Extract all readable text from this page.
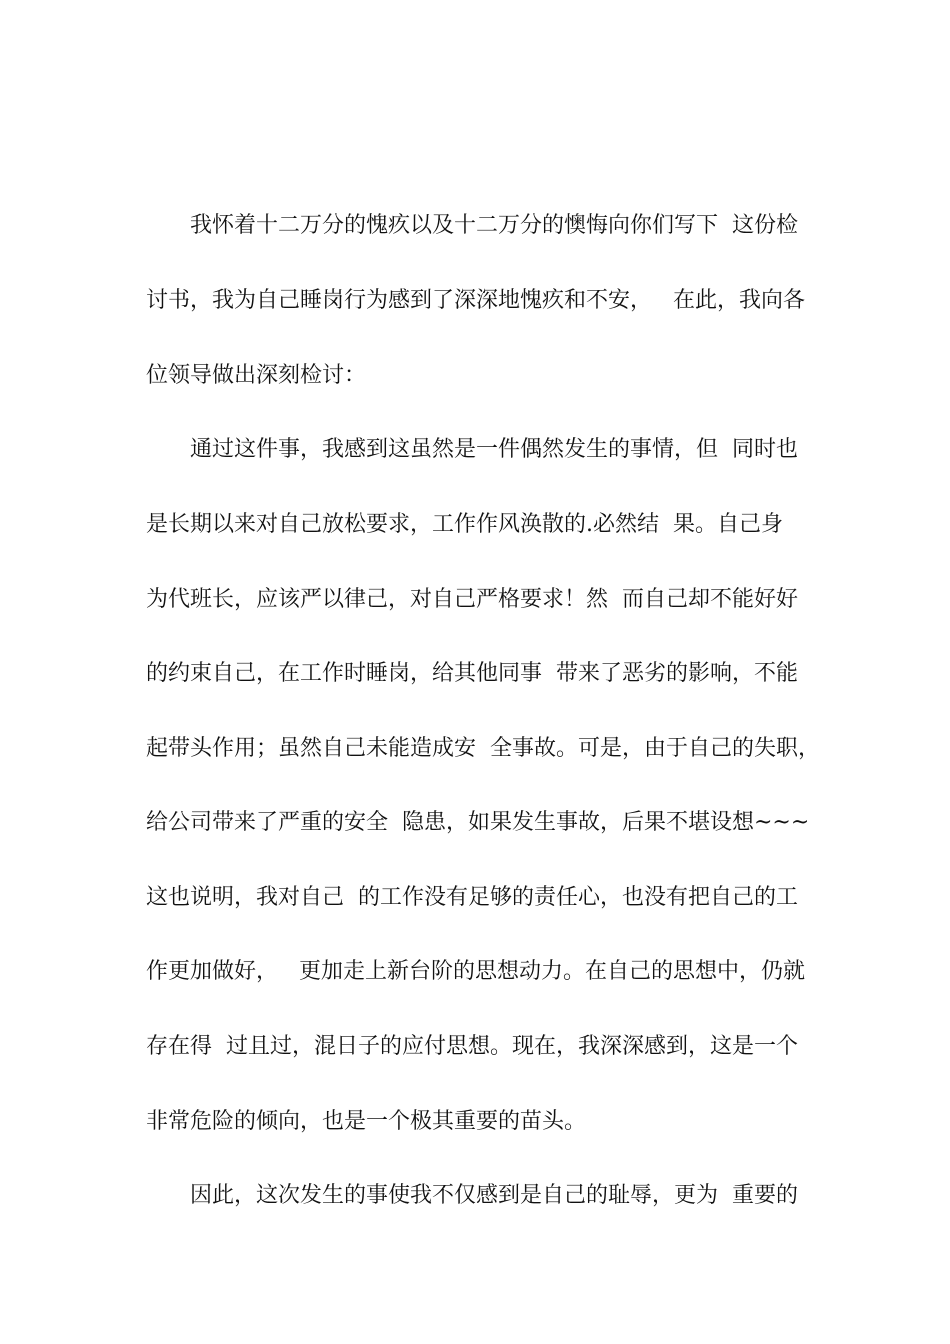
　　我怀着十二万分的愧疚以及十二万分的懊悔向你们写下  这份检

讨书，我为自己睡岗行为感到了深深地愧疚和不安，   在此，我向各

位领导做出深刻检讨：

　　通过这件事，我感到这虽然是一件偶然发生的事情，但  同时也

是长期以来对自己放松要求，工作作风涣散的.必然结  果。自己身

为代班长，应该严以律己，对自己严格要求！然  而自己却不能好好

的约束自己，在工作时睡岗，给其他同事  带来了恶劣的影响，不能

起带头作用；虽然自己未能造成安  全事故。可是，由于自己的失职，

给公司带来了严重的安全  隐患，如果发生事故，后果不堪设想~~~

这也说明，我对自己  的工作没有足够的责任心，也没有把自己的工

作更加做好，   更加走上新台阶的思想动力。在自己的思想中，仍就

存在得  过且过，混日子的应付思想。现在，我深深感到，这是一个

非常危险的倾向，也是一个极其重要的苗头。

　　因此，这次发生的事使我不仅感到是自己的耻辱，更为  重要的
